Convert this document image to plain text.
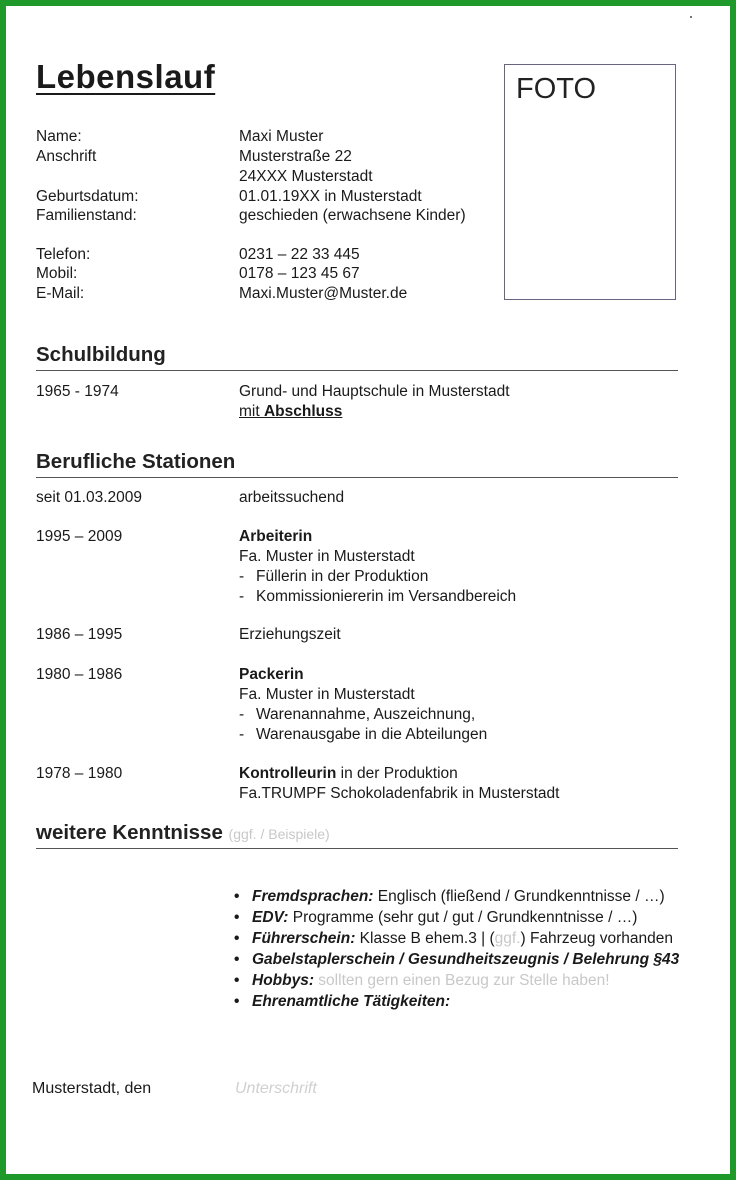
Lebenslauf	FOTO
Name:	Maxi Muster
Anschrift	Musterstraße 22
24XXX Musterstadt
Geburtsdatum:	01.01.19XX in Musterstadt
Familienstand:	geschieden (erwachsene Kinder)
Telefon:	0231 – 22 33 445
Mobil:	0178 – 123 45 67
E-Mail:	Maxi.Muster@Muster.de
Schulbildung
1965 - 1974	Grund- und Hauptschule in Musterstadt
mit Abschluss
Berufliche Stationen
seit 01.03.2009	arbeitssuchend
1995 – 2009	Arbeiterin
Fa. Muster in Musterstadt
- Füllerin in der Produktion
- Kommissioniererin im Versandbereich
1986 – 1995	Erziehungszeit
1980 – 1986	Packerin
Fa. Muster in Musterstadt
- Warenannahme, Auszeichnung,
- Warenausgabe in die Abteilungen
1978 – 1980	Kontrolleurin in der Produktion
Fa.TRUMPF Schokoladenfabrik in Musterstadt
weitere Kenntnisse (ggf. / Beispiele)
• Fremdsprachen: Englisch (fließend / Grundkenntnisse / …)
• EDV: Programme (sehr gut / gut / Grundkenntnisse / …)
• Führerschein: Klasse B ehem.3 | (ggf.) Fahrzeug vorhanden
• Gabelstaplerschein / Gesundheitszeugnis / Belehrung §43
• Hobbys: sollten gern einen Bezug zur Stelle haben!
• Ehrenamtliche Tätigkeiten:
Musterstadt, den	Unterschrift
